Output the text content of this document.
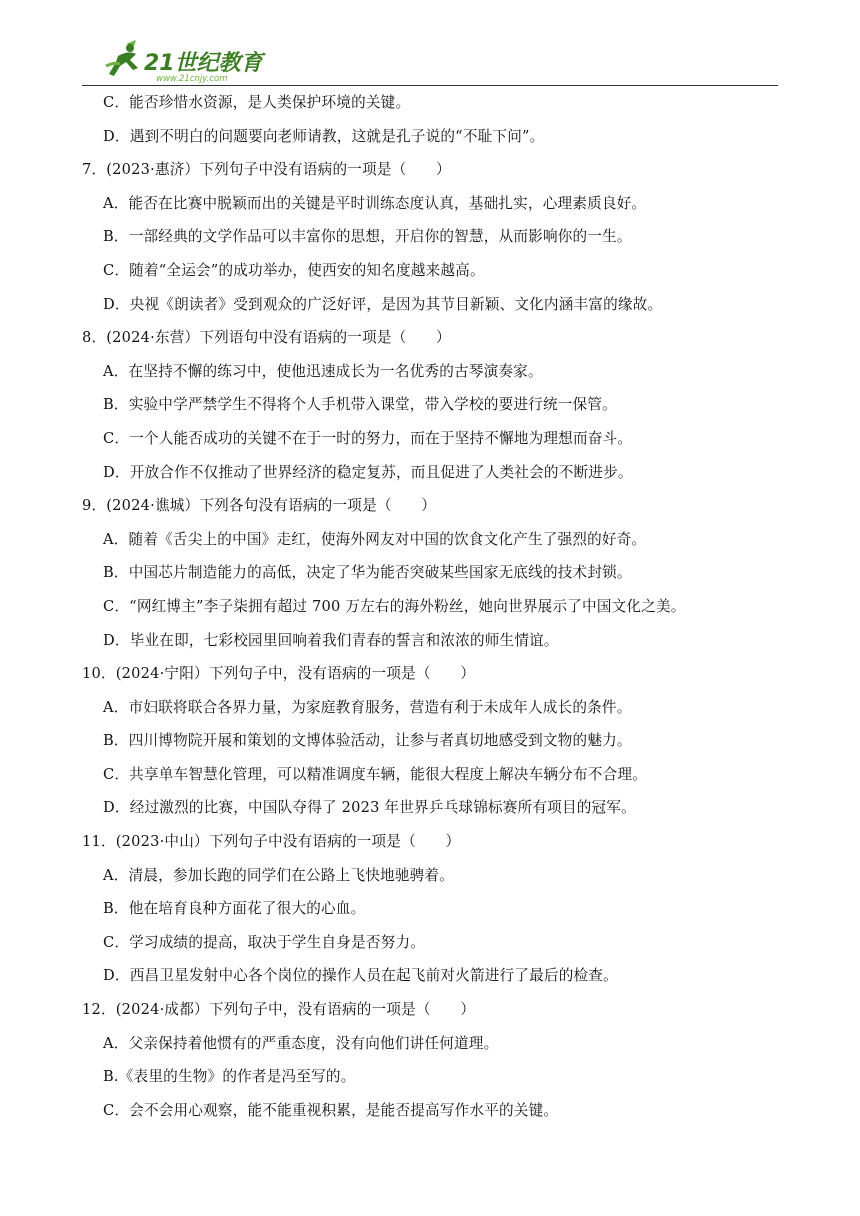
21世纪教育
www.21cnjy.com
C．能否珍惜水资源，是人类保护环境的关键。
D．遇到不明白的问题要向老师请教，这就是孔子说的“不耻下问”。
7．(2023·惠济）下列句子中没有语病的一项是（　　）
A．能否在比赛中脱颖而出的关键是平时训练态度认真，基础扎实，心理素质良好。
B．一部经典的文学作品可以丰富你的思想，开启你的智慧，从而影响你的一生。
C．随着“全运会”的成功举办，使西安的知名度越来越高。
D．央视《朗读者》受到观众的广泛好评，是因为其节目新颖、文化内涵丰富的缘故。
8．(2024·东营）下列语句中没有语病的一项是（　　）
A．在坚持不懈的练习中，使他迅速成长为一名优秀的古琴演奏家。
B．实验中学严禁学生不得将个人手机带入课堂，带入学校的要进行统一保管。
C．一个人能否成功的关键不在于一时的努力，而在于坚持不懈地为理想而奋斗。
D．开放合作不仅推动了世界经济的稳定复苏，而且促进了人类社会的不断进步。
9．(2024·谯城）下列各句没有语病的一项是（　　）
A．随着《舌尖上的中国》走红，使海外网友对中国的饮食文化产生了强烈的好奇。
B．中国芯片制造能力的高低，决定了华为能否突破某些国家无底线的技术封锁。
C．“网红博主”李子柒拥有超过 700 万左右的海外粉丝，她向世界展示了中国文化之美。
D．毕业在即，七彩校园里回响着我们青春的誓言和浓浓的师生情谊。
10．(2024·宁阳）下列句子中，没有语病的一项是（　　）
A．市妇联将联合各界力量，为家庭教育服务，营造有利于未成年人成长的条件。
B．四川博物院开展和策划的文博体验活动，让参与者真切地感受到文物的魅力。
C．共享单车智慧化管理，可以精准调度车辆，能很大程度上解决车辆分布不合理。
D．经过激烈的比赛，中国队夺得了 2023 年世界乒乓球锦标赛所有项目的冠军。
11．(2023·中山）下列句子中没有语病的一项是（　　）
A．清晨，参加长跑的同学们在公路上飞快地驰骋着。
B．他在培育良种方面花了很大的心血。
C．学习成绩的提高，取决于学生自身是否努力。
D．西昌卫星发射中心各个岗位的操作人员在起飞前对火箭进行了最后的检查。
12．(2024·成都）下列句子中，没有语病的一项是（　　）
A．父亲保持着他惯有的严重态度，没有向他们讲任何道理。
B.《表里的生物》的作者是冯至写的。
C．会不会用心观察，能不能重视积累，是能否提高写作水平的关键。
